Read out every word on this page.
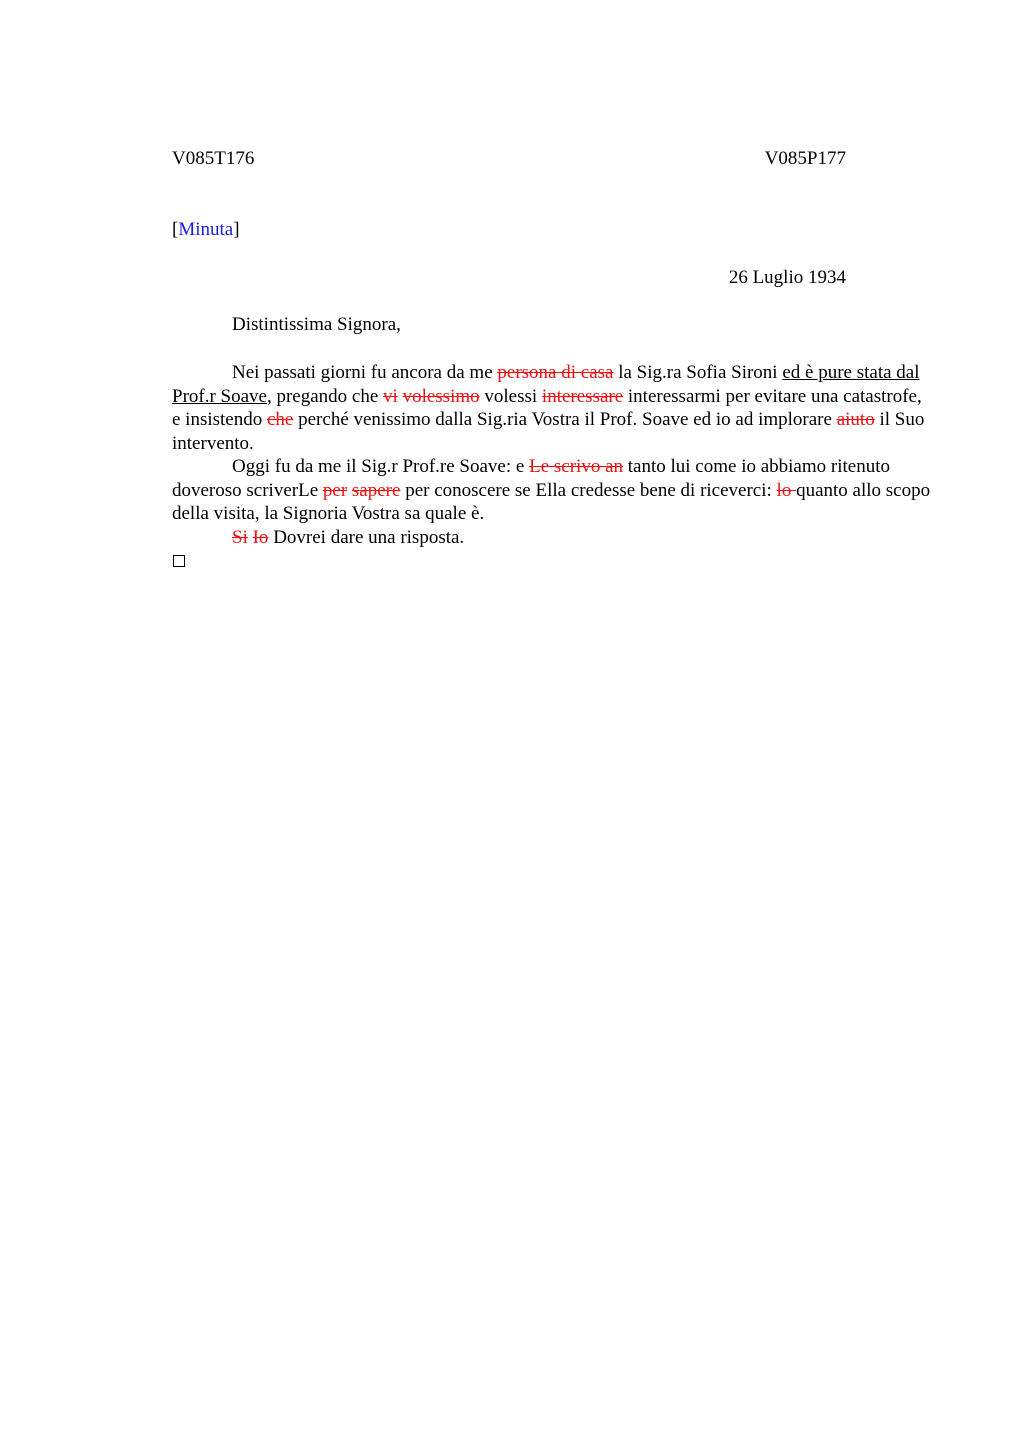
V085T176	V085P177
[Minuta]
26 Luglio 1934
Distintissima Signora,

Nei passati giorni fu ancora da me persona di casa la Sig.ra Sofia Sironi ed è pure stata dal Prof.r Soave, pregando che vi volessimo volessi interessare interessarmi per evitare una catastrofe, e insistendo che perché venissimo dalla Sig.ria Vostra il Prof. Soave ed io ad implorare aiuto il Suo intervento.

Oggi fu da me il Sig.r Prof.re Soave: e Le scrivo an tanto lui come io abbiamo ritenuto doveroso scriverLe per sapere per conoscere se Ella credesse bene di riceverci: lo quanto allo scopo della visita, la Signoria Vostra sa quale è.

Si Io Dovrei dare una risposta.
